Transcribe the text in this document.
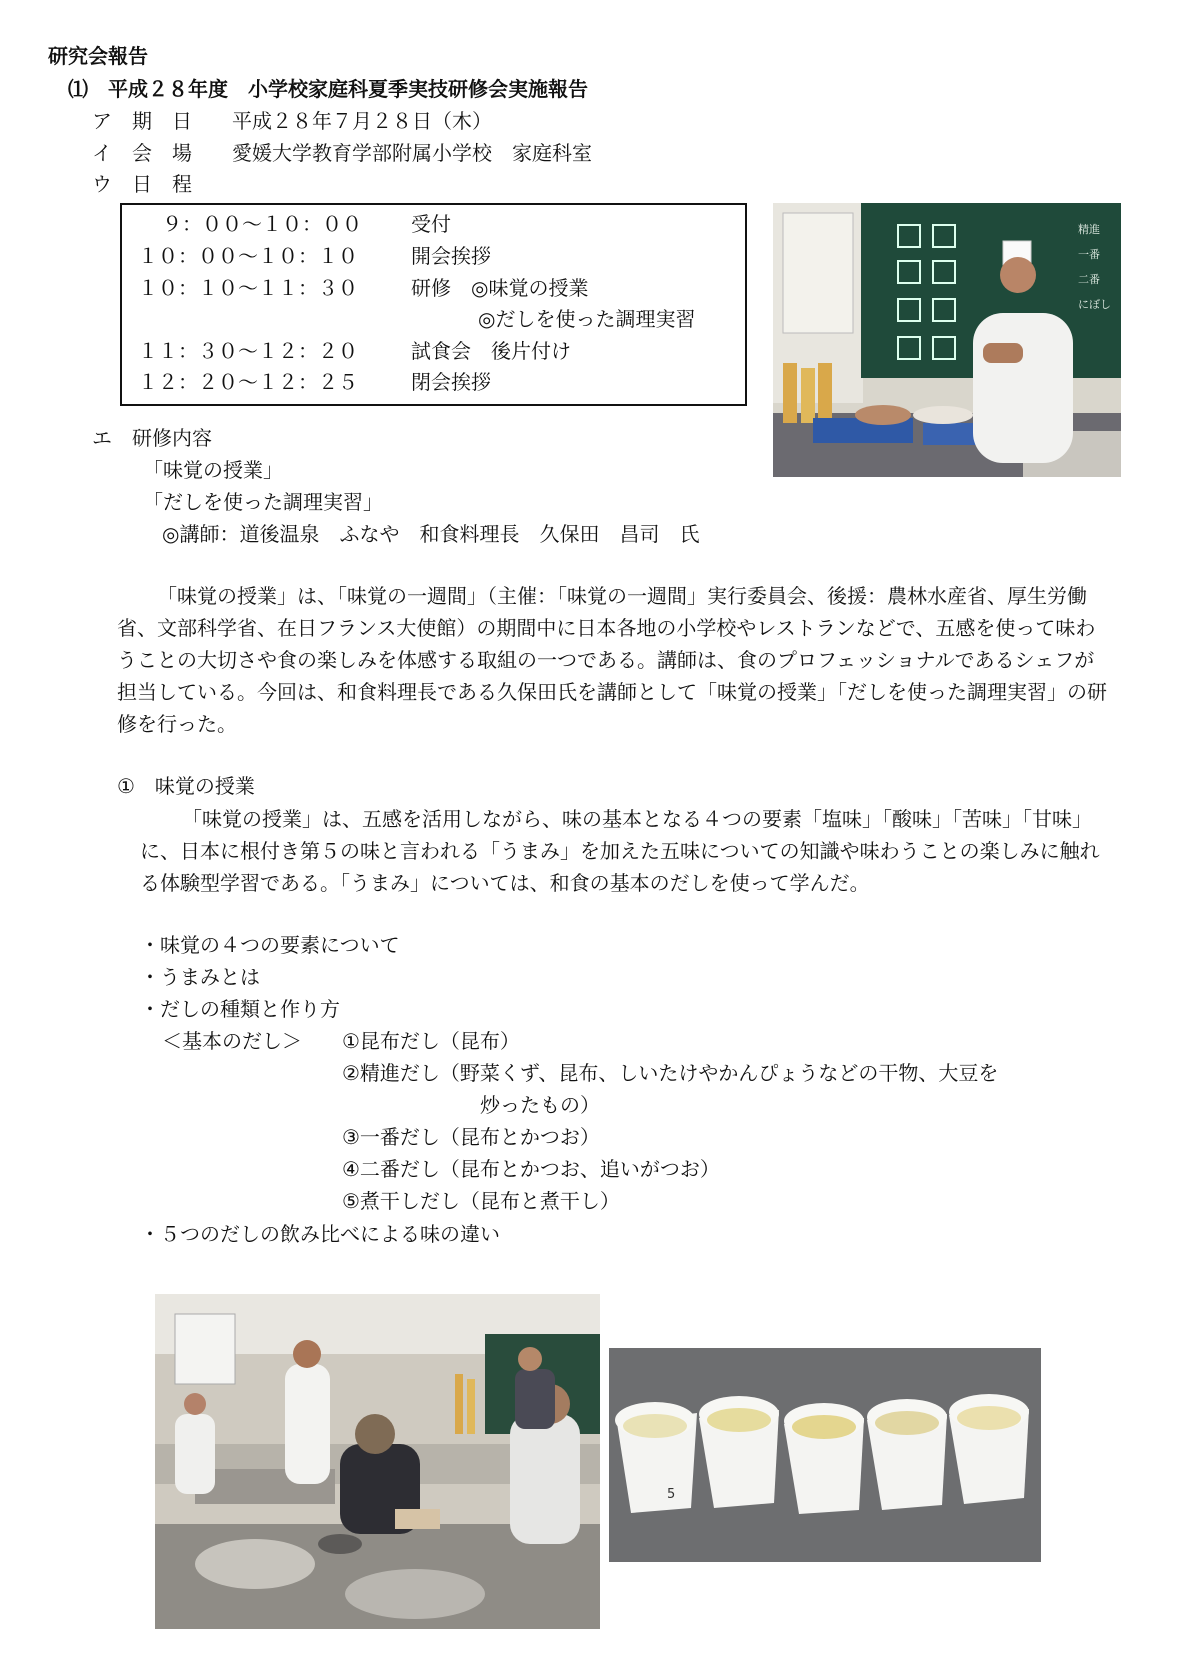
研究会報告
⑴　平成２８年度　小学校家庭科夏季実技研修会実施報告
ア　期　日 平成２８年７月２８日（木）
イ　会　場 愛媛大学教育学部附属小学校　家庭科室
ウ　日　程
９：００～１０：００ 受付
１０：００～１０：１０	開会挨拶
１０：１０～１１：３０	研修　◎味覚の授業
◎だしを使った調理実習
１１：３０～１２：２０	試食会　後片付け
１２：２０～１２：２５	閉会挨拶
精進
一番
二番
にぼし
エ　研修内容
「味覚の授業」
「だしを使った調理実習」
◎講師：道後温泉　ふなや　和食料理長　久保田　昌司　氏
「味覚の授業」は、「味覚の一週間」（主催：「味覚の一週間」実行委員会、後援：農林水産省、厚生労働省、文部科学省、在日フランス大使館）の期間中に日本各地の小学校やレストランなどで、五感を使って味わうことの大切さや食の楽しみを体感する取組の一つである。講師は、食のプロフェッショナルであるシェフが担当している。今回は、和食料理長である久保田氏を講師として「味覚の授業」「だしを使った調理実習」の研修を行った。
①　味覚の授業
「味覚の授業」は、五感を活用しながら、味の基本となる４つの要素「塩味」「酸味」「苦味」「甘味」に、日本に根付き第５の味と言われる「うまみ」を加えた五味についての知識や味わうことの楽しみに触れる体験型学習である。「うまみ」については、和食の基本のだしを使って学んだ。
・味覚の４つの要素について
・うまみとは
・だしの種類と作り方
＜基本のだし＞ ①昆布だし（昆布）
②精進だし（野菜くず、昆布、しいたけやかんぴょうなどの干物、大豆を
炒ったもの）
③一番だし（昆布とかつお）
④二番だし（昆布とかつお、追いがつお）
⑤煮干しだし（昆布と煮干し）
・５つのだしの飲み比べによる味の違い
5
